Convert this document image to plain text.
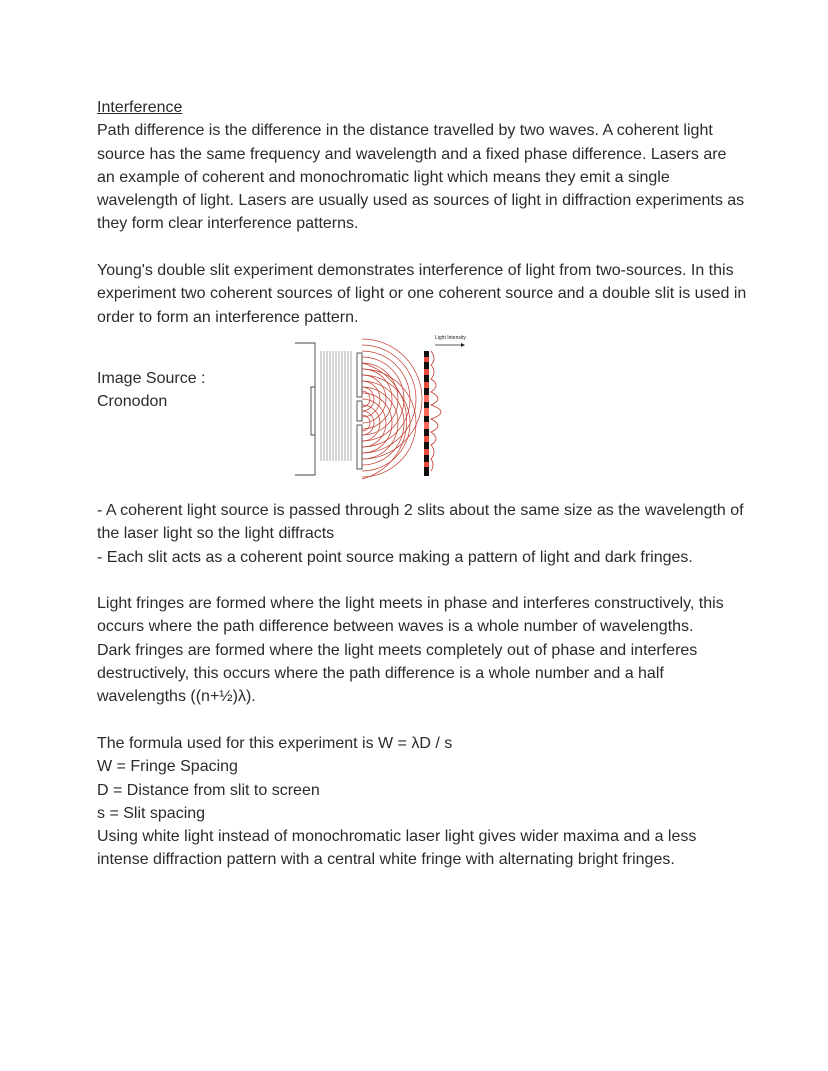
Interference

Path difference is the difference in the distance travelled by two waves. A coherent light source has the same frequency and wavelength and a fixed phase difference. Lasers are an example of coherent and monochromatic light which means they emit a single wavelength of light. Lasers are usually used as sources of light in diffraction experiments as they form clear interference patterns.

Young's double slit experiment demonstrates interference of light from two-sources. In this experiment two coherent sources of light or one coherent source and a double slit is used in order to form an interference pattern.

Image Source :
Cronodon
Light Intensity

- A coherent light source is passed through 2 slits about the same size as the wavelength of the laser light so the light diffracts

- Each slit acts as a coherent point source making a pattern of light and dark fringes.

Light fringes are formed where the light meets in phase and interferes constructively, this occurs where the path difference between waves is a whole number of wavelengths.

Dark fringes are formed where the light meets completely out of phase and interferes destructively, this occurs where the path difference is a whole number and a half wavelengths ((n+½)λ).

The formula used for this experiment is W = λD / s

W = Fringe Spacing

D = Distance from slit to screen

s = Slit spacing

Using white light instead of monochromatic laser light gives wider maxima and a less intense diffraction pattern with a central white fringe with alternating bright fringes.
